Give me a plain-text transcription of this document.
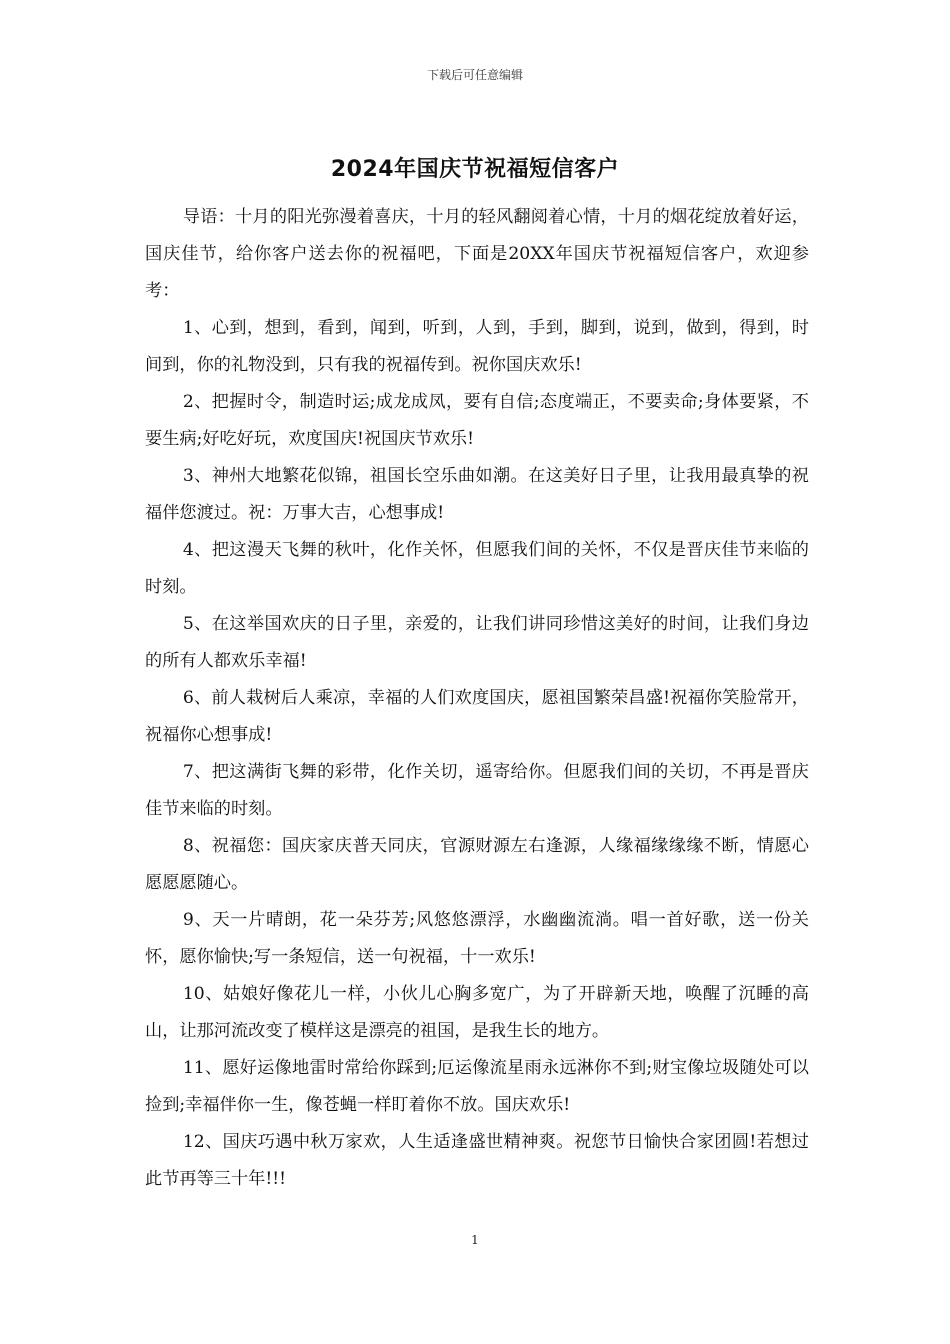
下载后可任意编辑
2024年国庆节祝福短信客户

导语：十月的阳光弥漫着喜庆，十月的轻风翻阅着心情，十月的烟花绽放着好运，国庆佳节，给你客户送去你的祝福吧，下面是20XX年国庆节祝福短信客户，欢迎参考：

1、心到，想到，看到，闻到，听到，人到，手到，脚到，说到，做到，得到，时间到，你的礼物没到，只有我的祝福传到。祝你国庆欢乐!

2、把握时令，制造时运;成龙成凤，要有自信;态度端正，不要卖命;身体要紧，不要生病;好吃好玩，欢度国庆!祝国庆节欢乐!

3、神州大地繁花似锦，祖国长空乐曲如潮。在这美好日子里，让我用最真挚的祝福伴您渡过。祝：万事大吉，心想事成!

4、把这漫天飞舞的秋叶，化作关怀，但愿我们间的关怀，不仅是晋庆佳节来临的时刻。

5、在这举国欢庆的日子里，亲爱的，让我们讲同珍惜这美好的时间，让我们身边的所有人都欢乐幸福!

6、前人栽树后人乘凉，幸福的人们欢度国庆，愿祖国繁荣昌盛!祝福你笑脸常开，祝福你心想事成!

7、把这满街飞舞的彩带，化作关切，遥寄给你。但愿我们间的关切，不再是晋庆佳节来临的时刻。

8、祝福您：国庆家庆普天同庆，官源财源左右逢源，人缘福缘缘缘不断，情愿心愿愿愿随心。

9、天一片晴朗，花一朵芬芳;风悠悠漂浮，水幽幽流淌。唱一首好歌，送一份关怀，愿你愉快;写一条短信，送一句祝福，十一欢乐!

10、姑娘好像花儿一样，小伙儿心胸多宽广，为了开辟新天地，唤醒了沉睡的高山，让那河流改变了模样这是漂亮的祖国，是我生长的地方。

11、愿好运像地雷时常给你踩到;厄运像流星雨永远淋你不到;财宝像垃圾随处可以捡到;幸福伴你一生，像苍蝇一样盯着你不放。国庆欢乐!

12、国庆巧遇中秋万家欢，人生适逢盛世精神爽。祝您节日愉快合家团圆!若想过此节再等三十年!!!

1
